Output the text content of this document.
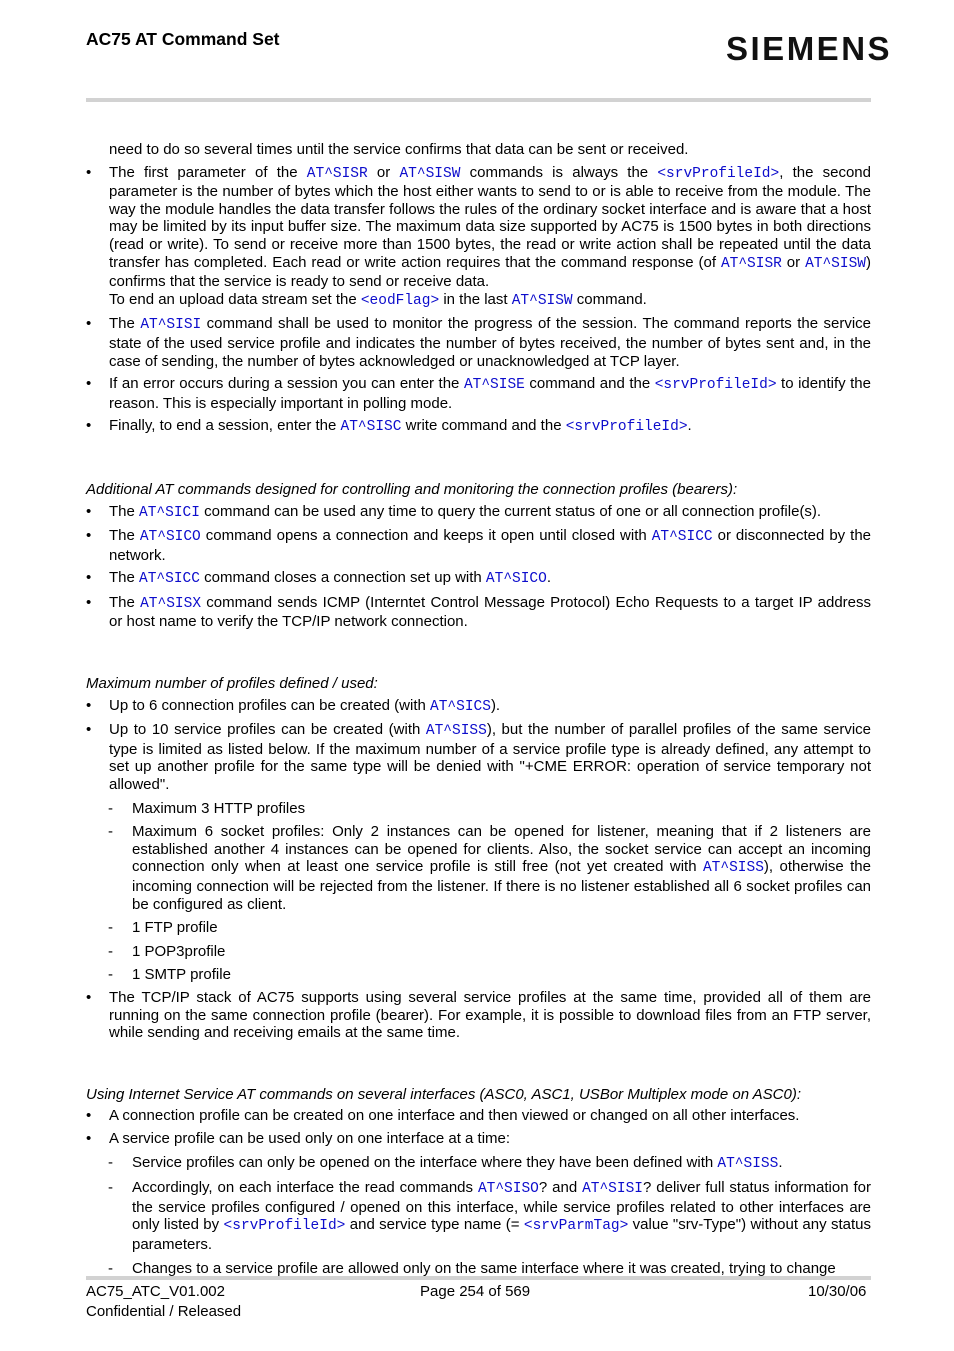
AC75 AT Command Set	SIEMENS

need to do so several times until the service confirms that data can be sent or received.

• The first parameter of the AT^SISR or AT^SISW commands is always the <srvProfileId>, the second parameter is the number of bytes which the host either wants to send to or is able to receive from the module. The way the module handles the data transfer follows the rules of the ordinary socket interface and is aware that a host may be limited by its input buffer size. The maximum data size supported by AC75 is 1500 bytes in both directions (read or write). To send or receive more than 1500 bytes, the read or write action shall be repeated until the data transfer has completed. Each read or write action requires that the command response (of AT^SISR or AT^SISW) confirms that the service is ready to send or receive data.
To end an upload data stream set the <eodFlag> in the last AT^SISW command.
• The AT^SISI command shall be used to monitor the progress of the session. The command reports the service state of the used service profile and indicates the number of bytes received, the number of bytes sent and, in the case of sending, the number of bytes acknowledged or unacknowledged at TCP layer.
• If an error occurs during a session you can enter the AT^SISE command and the <srvProfileId> to identify the reason. This is especially important in polling mode.
• Finally, to end a session, enter the AT^SISC write command and the <srvProfileId>.

Additional AT commands designed for controlling and monitoring the connection profiles (bearers):

• The AT^SICI command can be used any time to query the current status of one or all connection profile(s).
• The AT^SICO command opens a connection and keeps it open until closed with AT^SICC or disconnected by the network.
• The AT^SICC command closes a connection set up with AT^SICO.
• The AT^SISX command sends ICMP (Interntet Control Message Protocol) Echo Requests to a target IP address or host name to verify the TCP/IP network connection.

Maximum number of profiles defined / used:

• Up to 6 connection profiles can be created (with AT^SICS).
• Up to 10 service profiles can be created (with AT^SISS), but the number of parallel profiles of the same service type is limited as listed below. If the maximum number of a service profile type is already defined, any attempt to set up another profile for the same type will be denied with "+CME ERROR: operation of service temporary not allowed".
- Maximum 3 HTTP profiles
- Maximum 6 socket profiles: Only 2 instances can be opened for listener, meaning that if 2 listeners are established another 4 instances can be opened for clients. Also, the socket service can accept an incoming connection only when at least one service profile is still free (not yet created with AT^SISS), otherwise the incoming connection will be rejected from the listener. If there is no listener established all 6 socket profiles can be configured as client.
- 1 FTP profile
- 1 POP3profile
- 1 SMTP profile
• The TCP/IP stack of AC75 supports using several service profiles at the same time, provided all of them are running on the same connection profile (bearer). For example, it is possible to download files from an FTP server, while sending and receiving emails at the same time.

Using Internet Service AT commands on several interfaces (ASC0, ASC1, USBor Multiplex mode on ASC0):

• A connection profile can be created on one interface and then viewed or changed on all other interfaces.
• A service profile can be used only on one interface at a time:
- Service profiles can only be opened on the interface where they have been defined with AT^SISS.
- Accordingly, on each interface the read commands AT^SISO? and AT^SISI? deliver full status information for the service profiles configured / opened on this interface, while service profiles related to other interfaces are only listed by <srvProfileId> and service type name (= <srvParmTag> value "srv-Type") without any status parameters.
- Changes to a service profile are allowed only on the same interface where it was created, trying to change
AC75_ATC_V01.002
Confidential / Released
Page 254 of 569	10/30/06
